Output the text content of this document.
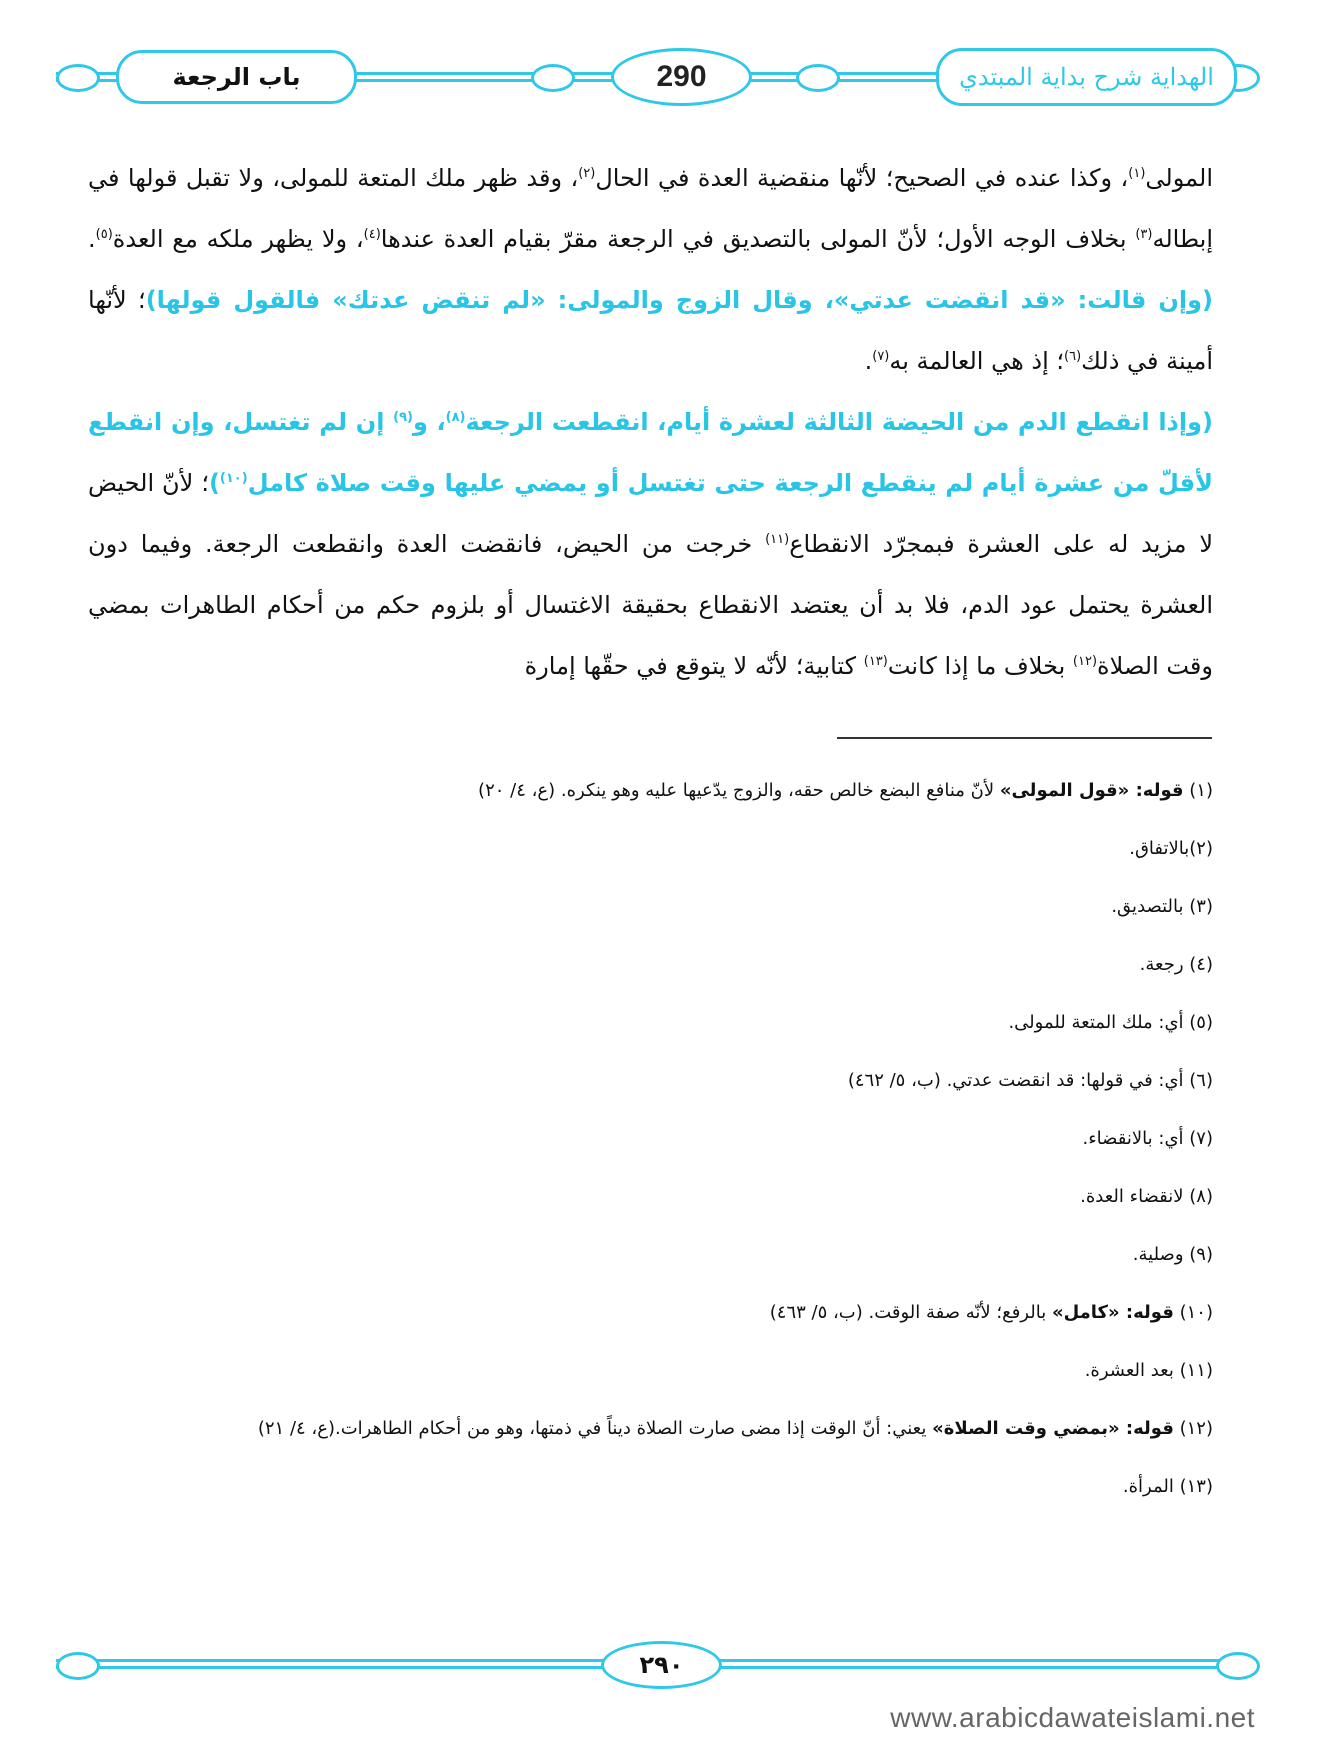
باب الرجعة	290	الهداية شرح بداية المبتدي

المولى$^{(١)}$، وكذا عنده في الصحيح؛ لأنّها منقضية العدة في الحال$^{(٢)}$، وقد ظهر ملك المتعة للمولى، ولا تقبل قولها في إبطاله$^{(٣)}$ بخلاف الوجه الأول؛ لأنّ المولى بالتصديق في الرجعة مقرّ بقيام العدة عندها$^{(٤)}$، ولا يظهر ملكه مع العدة$^{(٥)}$. (وإن قالت: «قد انقضت عدتي»، وقال الزوج والمولى: «لم تنقض عدتك» فالقول قولها)؛ لأنّها أمينة في ذلك$^{(٦)}$؛ إذ هي العالمة به$^{(٧)}$.

(وإذا انقطع الدم من الحيضة الثالثة لعشرة أيام، انقطعت الرجعة$^{(٨)}$، و$^{(٩)}$ إن لم تغتسل، وإن انقطع لأقلّ من عشرة أيام لم ينقطع الرجعة حتى تغتسل أو يمضي عليها وقت صلاة كامل$^{(١٠)}$)؛ لأنّ الحيض لا مزيد له على العشرة فبمجرّد الانقطاع$^{(١١)}$ خرجت من الحيض، فانقضت العدة وانقطعت الرجعة. وفيما دون العشرة يحتمل عود الدم، فلا بد أن يعتضد الانقطاع بحقيقة الاغتسال أو بلزوم حكم من أحكام الطاهرات بمضي وقت الصلاة$^{(١٢)}$ بخلاف ما إذا كانت$^{(١٣)}$ كتابية؛ لأنّه لا يتوقع في حقّها إمارة

(١) قوله: «قول المولى» لأنّ منافع البضع خالص حقه، والزوج يدّعيها عليه وهو ينكره. (ع، ٤/ ٢٠)
(٢)بالاتفاق.
(٣) بالتصديق.
(٤) رجعة.
(٥) أي: ملك المتعة للمولى.
(٦) أي: في قولها: قد انقضت عدتي. (ب، ٥/ ٤٦٢)
(٧) أي: بالانقضاء.
(٨) لانقضاء العدة.
(٩) وصلية.
(١٠) قوله: «كامل» بالرفع؛ لأنّه صفة الوقت. (ب، ٥/ ٤٦٣)
(١١) بعد العشرة.
(١٢) قوله: «بمضي وقت الصلاة» يعني: أنّ الوقت إذا مضى صارت الصلاة ديناً في ذمتها، وهو من أحكام الطاهرات.(ع، ٤/ ٢١)
(١٣) المرأة.
٢٩٠
www.arabicdawateislami.net
